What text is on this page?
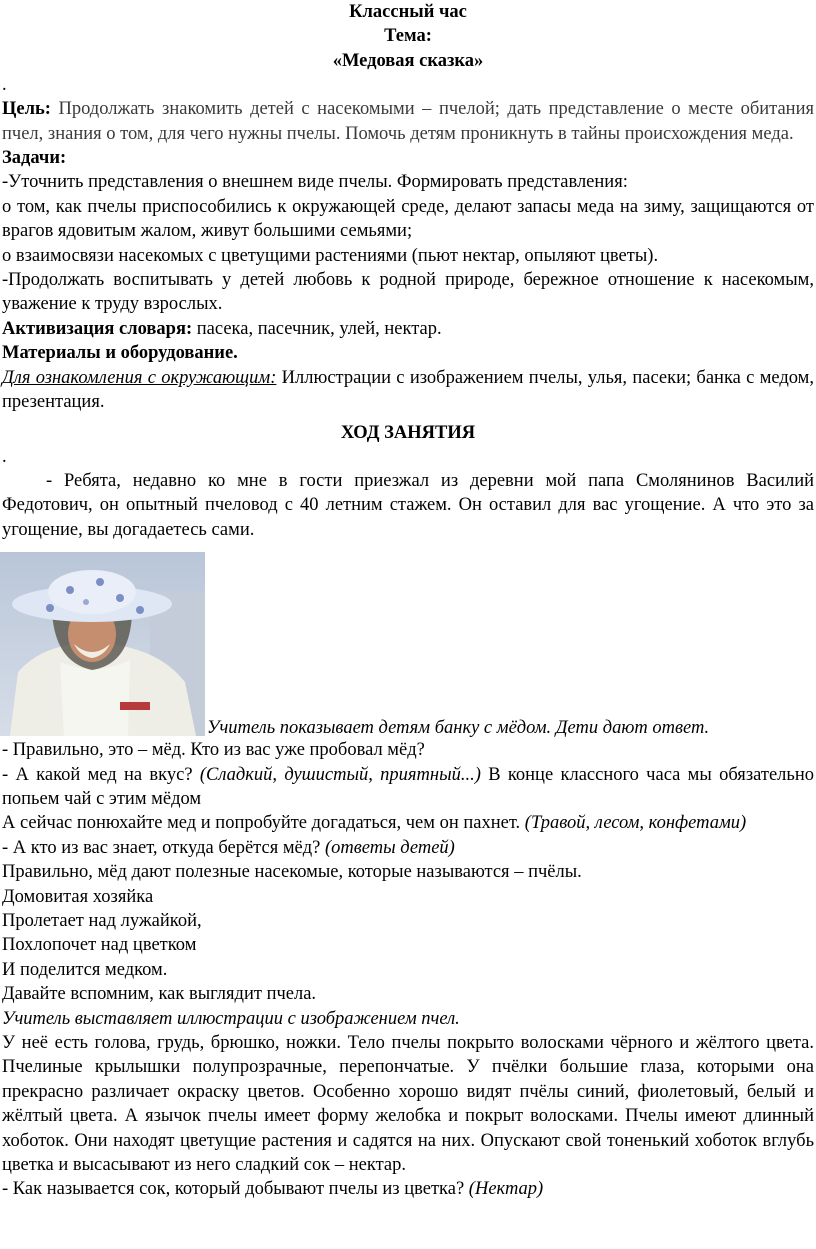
Классный час
Тема:
«Медовая сказка»
.

Цель: Продолжать знакомить детей с насекомыми – пчелой; дать представление о месте обитания пчел, знания о том, для чего нужны пчелы. Помочь детям проникнуть в тайны происхождения меда.

Задачи:

-Уточнить представления о внешнем виде пчелы. Формировать представления:

о том, как пчелы приспособились к окружающей среде, делают запасы меда на зиму, защищаются от врагов ядовитым жалом, живут большими семьями;

о взаимосвязи насекомых с цветущими растениями (пьют нектар, опыляют цветы).

-Продолжать воспитывать у детей любовь к родной природе, бережное отношение к насекомым, уважение к труду взрослых.

Активизация словаря: пасека, пасечник, улей, нектар.

Материалы и оборудование.

Для ознакомления с окружающим: Иллюстрации с изображением пчелы, улья, пасеки; банка с медом, презентация.

ХОД ЗАНЯТИЯ
.

- Ребята, недавно ко мне в гости приезжал из деревни мой папа Смолянинов Василий Федотович, он опытный пчеловод с 40 летним стажем. Он оставил для вас угощение. А что это за угощение, вы догадаетесь сами.

Учитель показывает детям банку с мёдом. Дети дают ответ.

- Правильно, это – мёд. Кто из вас уже пробовал мёд?

- А какой мед на вкус? (Сладкий, душистый, приятный...) В конце классного часа мы обязательно попьем чай с этим мёдом

А сейчас понюхайте мед и попробуйте догадаться, чем он пахнет. (Травой, лесом, конфетами)

- А кто из вас знает, откуда берётся мёд? (ответы детей)

Правильно, мёд дают полезные насекомые, которые называются – пчёлы.

Домовитая хозяйка

Пролетает над лужайкой,

Похлопочет над цветком

И поделится медком.

Давайте вспомним, как выглядит пчела.

Учитель выставляет иллюстрации с изображением пчел.

У неё есть голова, грудь, брюшко, ножки. Тело пчелы покрыто волосками чёрного и жёлтого цвета. Пчелиные крылышки полупрозрачные, перепончатые. У пчёлки большие глаза, которыми она прекрасно различает окраску цветов. Особенно хорошо видят пчёлы синий, фиолетовый, белый и жёлтый цвета. А язычок пчелы имеет форму желобка и покрыт волосками. Пчелы имеют длинный хоботок. Они находят цветущие растения и садятся на них. Опускают свой тоненький хоботок вглубь цветка и высасывают из него сладкий сок – нектар.

- Как называется сок, который добывают пчелы из цветка? (Нектар)
